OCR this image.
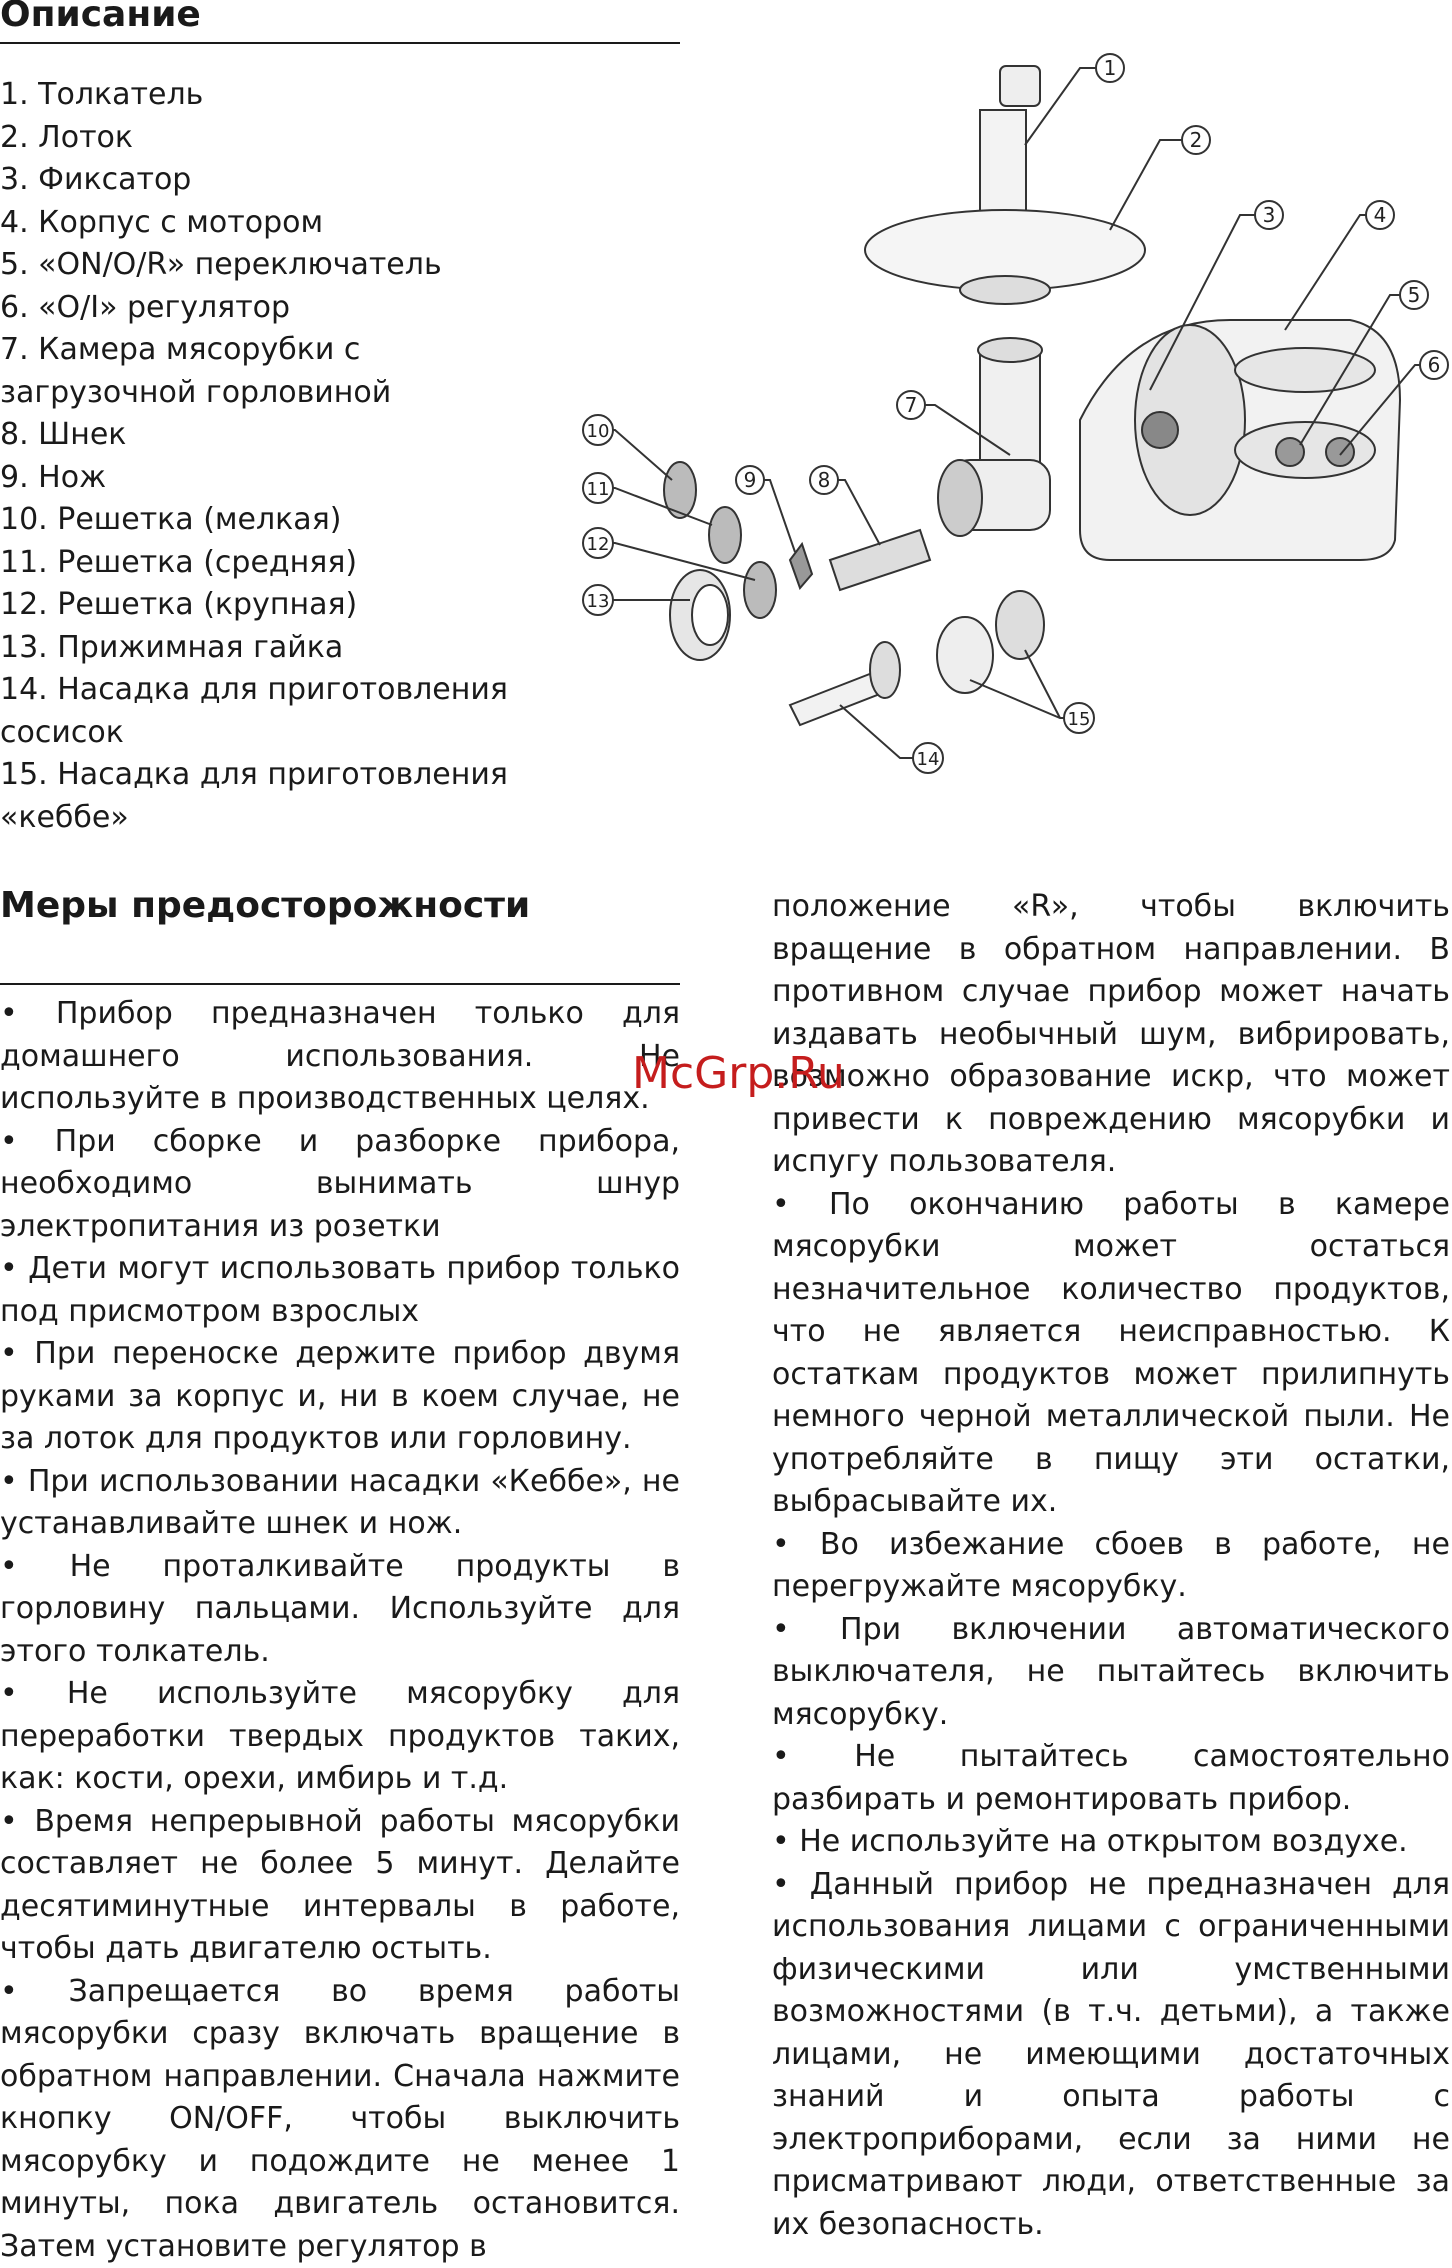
Описание
1. Толкатель
2. Лоток
3. Фиксатор
4. Корпус с мотором
5. «ON/O/R» переключатель
6. «O/I» регулятор
7. Камера мясорубки с загрузочной горловиной
8. Шнек
9. Нож
10. Решетка (мелкая)
11. Решетка (средняя)
12. Решетка (крупная)
13. Прижимная гайка
14. Насадка для приготовления сосисок
15. Насадка для приготовления «кеббе»
1
2
3	4
5
6
7
8
9
10
11
12
13
14
15
Меры предосторожности

• Прибор предназначен только для домашнего использования. Не используйте в производственных целях.

• При сборке и разборке прибора, необходимо вынимать шнур электропитания из розетки

• Дети могут использовать прибор только под присмотром взрослых

• При переноске держите прибор двумя руками за корпус и, ни в коем случае, не за лоток для продуктов или горловину.

• При использовании насадки «Кеббе», не устанавливайте шнек и нож.

• Не проталкивайте продукты в горловину пальцами. Используйте для этого толкатель.

• Не используйте мясорубку для переработки твердых продуктов таких, как: кости, орехи, имбирь и т.д.

• Время непрерывной работы мясорубки составляет не более 5 минут. Делайте десятиминутные интервалы в работе, чтобы дать двигателю остыть.

• Запрещается во время работы мясорубки сразу включать вращение в обратном направлении. Сначала нажмите кнопку ON/OFF, чтобы выключить мясорубку и подождите не менее 1 минуты, пока двигатель остановится. Затем установите регулятор в

положение «R», чтобы включить вращение в обратном направлении. В противном случае прибор может начать издавать необычный шум, вибрировать, возможно образование искр, что может привести к повреждению мясорубки и испугу пользователя.

• По окончанию работы в камере мясорубки может остаться незначительное количество продуктов, что не является неисправностью. К остаткам продуктов может прилипнуть немного черной металлической пыли. Не употребляйте в пищу эти остатки, выбрасывайте их.

• Во избежание сбоев в работе, не перегружайте мясорубку.

• При включении автоматического выключателя, не пытайтесь включить мясорубку.

• Не пытайтесь самостоятельно разбирать и ремонтировать прибор.

• Не используйте на открытом воздухе.

• Данный прибор не предназначен для использования лицами с ограниченными физическими или умственными возможностями (в т.ч. детьми), а также лицами, не имеющими достаточных знаний и опыта работы с электроприборами, если за ними не присматривают люди, ответственные за их безопасность.

McGrp.Ru
